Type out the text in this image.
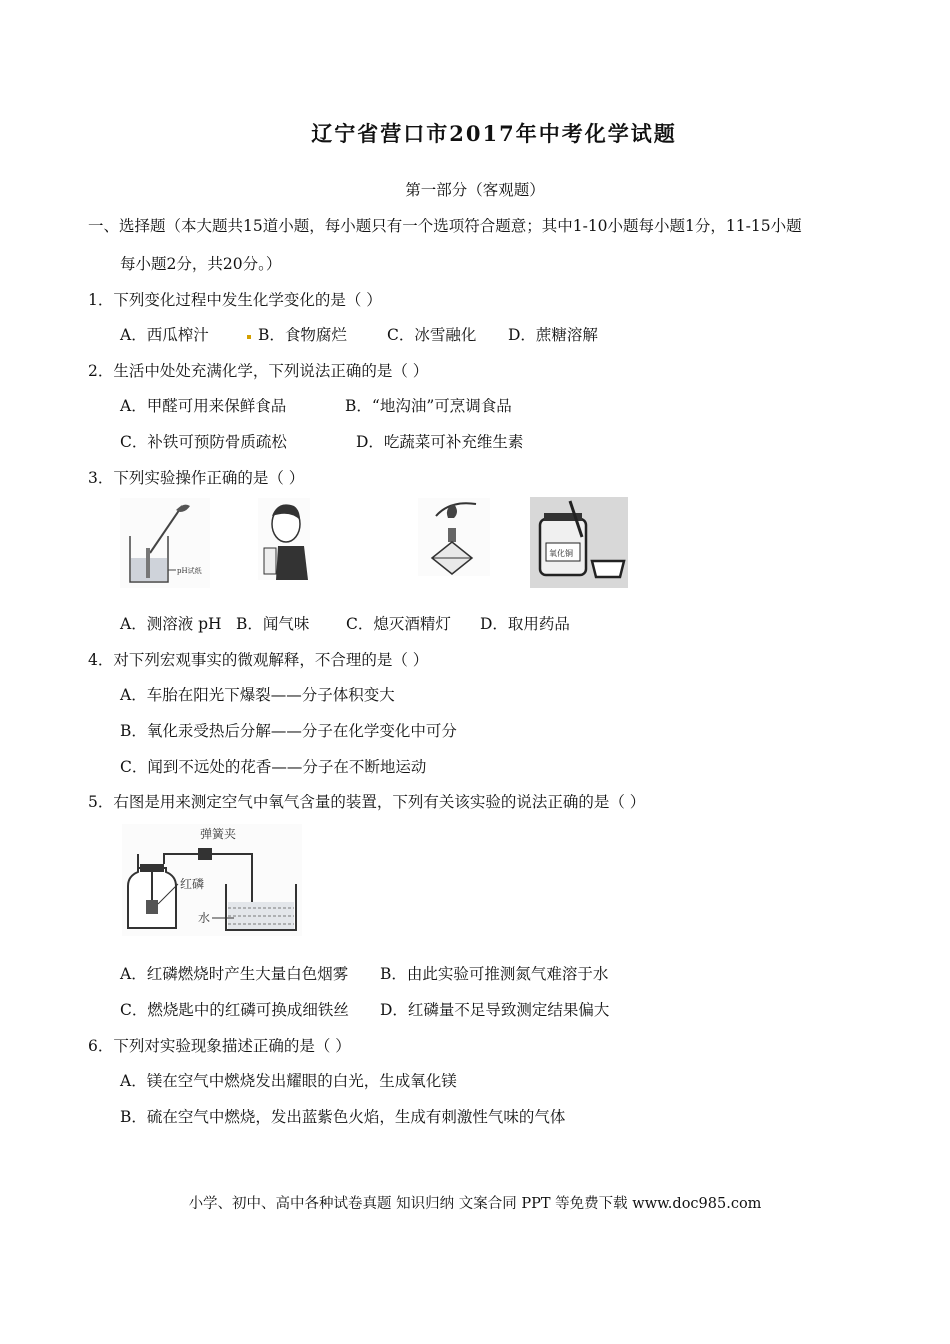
辽宁省营口市2017年中考化学试题
第一部分（客观题）
一、选择题（本大题共15道小题，每小题只有一个选项符合题意；其中1-10小题每小题1分，11-15小题
每小题2分，共20分。）
1．下列变化过程中发生化学变化的是（ ）
A．西瓜榨汁	B．食物腐烂	C．冰雪融化 D．蔗糖溶解
2．生活中处处充满化学，下列说法正确的是（ ）
A．甲醛可用来保鲜食品	B．“地沟油”可烹调食品
C．补铁可预防骨质疏松	D．吃蔬菜可补充维生素
3．下列实验操作正确的是（ ）
pH试纸
氧化铜
A．测溶液 pH B．闻气味 C．熄灭酒精灯 D．取用药品
4．对下列宏观事实的微观解释，不合理的是（ ）
A．车胎在阳光下爆裂——分子体积变大
B．氧化汞受热后分解——分子在化学变化中可分
C．闻到不远处的花香——分子在不断地运动
5．右图是用来测定空气中氧气含量的装置，下列有关该实验的说法正确的是（ ）
弹簧夹
红磷
水
A．红磷燃烧时产生大量白色烟雾 B．由此实验可推测氮气难溶于水
C．燃烧匙中的红磷可换成细铁丝 D．红磷量不足导致测定结果偏大
6．下列对实验现象描述正确的是（ ）
A．镁在空气中燃烧发出耀眼的白光，生成氧化镁
B．硫在空气中燃烧，发出蓝紫色火焰，生成有刺激性气味的气体
小学、初中、高中各种试卷真题 知识归纳 文案合同 PPT 等免费下载 www.doc985.com
